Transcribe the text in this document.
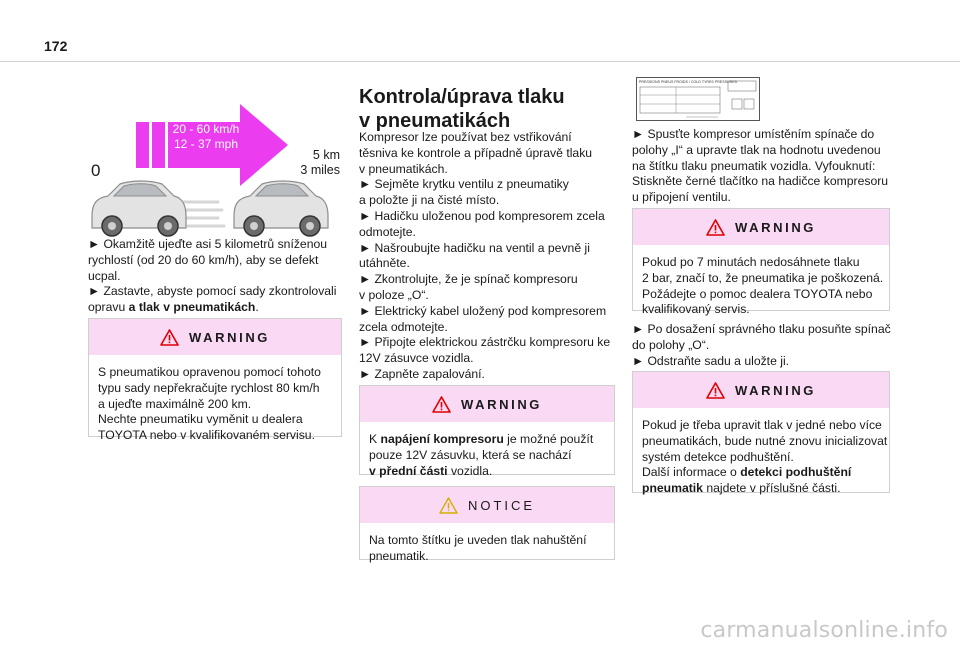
172
20 - 60 km/h
12 - 37 mph
0
5 km
3 miles
► Okamžitě ujeďte asi 5 kilometrů sníženou
rychlostí (od 20 do 60 km/h), aby se defekt
ucpal.
► Zastavte, abyste pomocí sady zkontrolovali
opravu a tlak v pneumatikách.
WARNING
S pneumatikou opravenou pomocí tohoto
typu sady nepřekračujte rychlost 80 km/h
a ujeďte maximálně 200 km.
Nechte pneumatiku vyměnit u dealera
TOYOTA nebo v kvalifikovaném servisu.
Kontrola/úprava tlaku
v pneumatikách
Kompresor lze používat bez vstřikování
těsniva ke kontrole a případně úpravě tlaku
v pneumatikách.
► Sejměte krytku ventilu z pneumatiky
a položte ji na čisté místo.
► Hadičku uloženou pod kompresorem zcela
odmotejte.
► Našroubujte hadičku na ventil a pevně ji
utáhněte.
► Zkontrolujte, že je spínač kompresoru
v poloze „O“.
► Elektrický kabel uložený pod kompresorem
zcela odmotejte.
► Připojte elektrickou zástrčku kompresoru ke
12V zásuvce vozidla.
► Zapněte zapalování.
WARNING
K napájení kompresoru je možné použít
pouze 12V zásuvku, která se nachází
v přední části vozidla.
NOTICE
Na tomto štítku je uveden tlak nahuštění
pneumatik.
PRESSIONS PNEUS FROIDS / COLD TYRES PRESSURES
► Spusťte kompresor umístěním spínače do
polohy „I“ a upravte tlak na hodnotu uvedenou
na štítku tlaku pneumatik vozidla. Vyfouknutí:
Stiskněte černé tlačítko na hadičce kompresoru
u připojení ventilu.
WARNING
Pokud po 7 minutách nedosáhnete tlaku
2 bar, značí to, že pneumatika je poškozená.
Požádejte o pomoc dealera TOYOTA nebo
kvalifikovaný servis.
► Po dosažení správného tlaku posuňte spínač
do polohy „O“.
► Odstraňte sadu a uložte ji.
WARNING
Pokud je třeba upravit tlak v jedné nebo více
pneumatikách, bude nutné znovu inicializovat
systém detekce podhuštění.
Další informace o detekci podhuštění
pneumatik najdete v příslušné části.
carmanualsonline.info
